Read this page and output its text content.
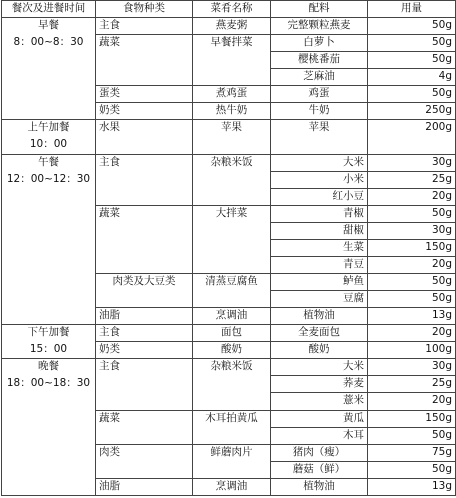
餐次及进餐时间	食物种类	菜肴名称	配料	用量

早餐
8：00~8：30	主食	燕麦粥	完整颗粒燕麦	50g
	蔬菜	早餐拌菜	白萝卜	50g
			樱桃番茄	50g
			芝麻油	4g
	蛋类	煮鸡蛋	鸡蛋	50g
	奶类	热牛奶	牛奶	250g

上午加餐
10：00	水果	苹果	苹果	200g

午餐
12：00~12：30	主食	杂粮米饭	大米	30g
			小米	25g
			红小豆	20g
	蔬菜	大拌菜	青椒	50g
			甜椒	30g
			生菜	150g
			青豆	20g
	肉类及大豆类	清蒸豆腐鱼	鲈鱼	50g
			豆腐	50g
	油脂	烹调油	植物油	13g

下午加餐
15：00	主食	面包	全麦面包	20g
	奶类	酸奶	酸奶	100g

晚餐
18：00~18：30	主食	杂粮米饭	大米	30g
			荞麦	25g
			薏米	20g
	蔬菜	木耳拍黄瓜	黄瓜	150g
			木耳	50g
	肉类	鲜蘑肉片	猪肉（瘦）	75g
			蘑菇（鲜）	50g
	油脂	烹调油	植物油	13g
